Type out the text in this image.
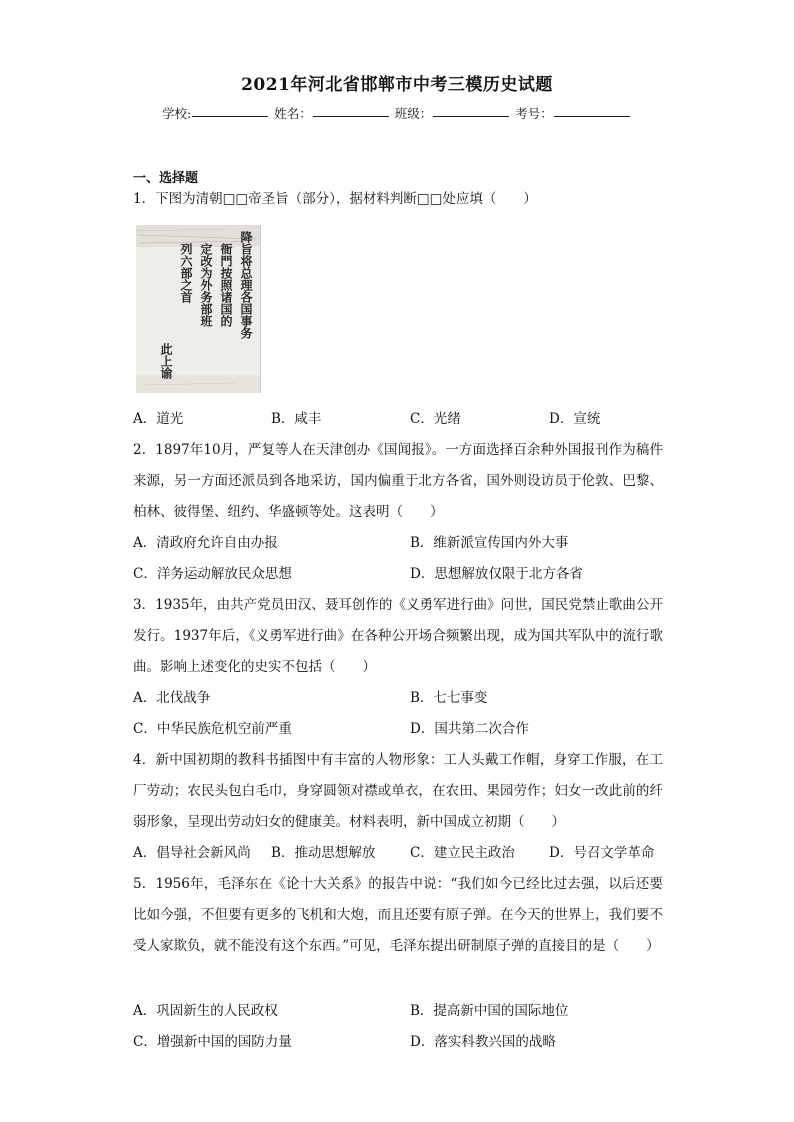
2021年河北省邯郸市中考三模历史试题
学校:	姓名：	班级：	考号：
一、选择题

1．下图为清朝□□帝圣旨（部分），据材料判断□□处应填（　　）

降旨将总理各国事务
衙門按照诸国的
定改为外务部班
列六部之首
此上谕
A．道光	B．咸丰	C．光绪	D．宣统

2．1897年10月，严复等人在天津创办《国闻报》。一方面选择百余种外国报刊作为稿件来源，另一方面还派员到各地采访，国内偏重于北方各省，国外则设访员于伦敦、巴黎、柏林、彼得堡、纽约、华盛顿等处。这表明（　　）

A．清政府允许自由办报	B．维新派宣传国内外大事
C．洋务运动解放民众思想	D．思想解放仅限于北方各省

3．1935年，由共产党员田汉、聂耳创作的《义勇军进行曲》问世，国民党禁止歌曲公开发行。1937年后，《义勇军进行曲》在各种公开场合频繁出现，成为国共军队中的流行歌曲。影响上述变化的史实不包括（　　）

A．北伐战争	B．七七事变
C．中华民族危机空前严重	D．国共第二次合作

4．新中国初期的教科书插图中有丰富的人物形象：工人头戴工作帽，身穿工作服，在工厂劳动；农民头包白毛巾，身穿圆领对襟或单衣，在农田、果园劳作；妇女一改此前的纤弱形象，呈现出劳动妇女的健康美。材料表明，新中国成立初期（　　）

A．倡导社会新风尚 B．推动思想解放	C．建立民主政治	D．号召文学革命

5．1956年，毛泽东在《论十大关系》的报告中说：“我们如今已经比过去强，以后还要比如今强，不但要有更多的飞机和大炮，而且还要有原子弹。在今天的世界上，我们要不受人家欺负，就不能没有这个东西。”可见，毛泽东提出研制原子弹的直接目的是（　　）

A．巩固新生的人民政权	B．提高新中国的国际地位
C．增强新中国的国防力量	D．落实科教兴国的战略
